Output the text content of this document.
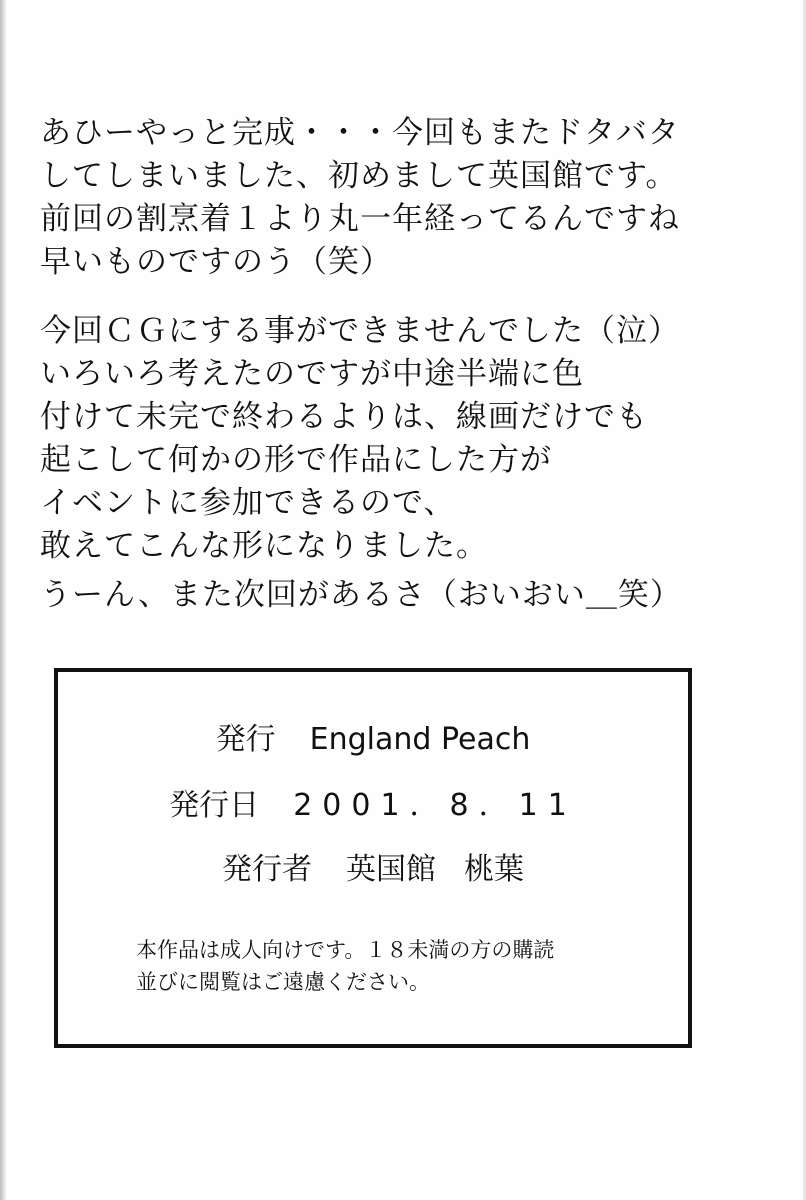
あひーやっと完成・・・今回もまたドタバタ
してしまいました、初めまして英国館です。
前回の割烹着１より丸一年経ってるんですね
早いものですのう（笑）
今回ＣＧにする事ができませんでした（泣）
いろいろ考えたのですが中途半端に色
付けて未完で終わるよりは、線画だけでも
起こして何かの形で作品にした方が
イベントに参加できるので、
敢えてこんな形になりました。
うーん、また次回があるさ（おいおい＿笑）
発行 England Peach
発行日 2001．8．11
発行者 英国館 桃葉
本作品は成人向けです。１８未満の方の購読
並びに閲覧はご遠慮ください。
